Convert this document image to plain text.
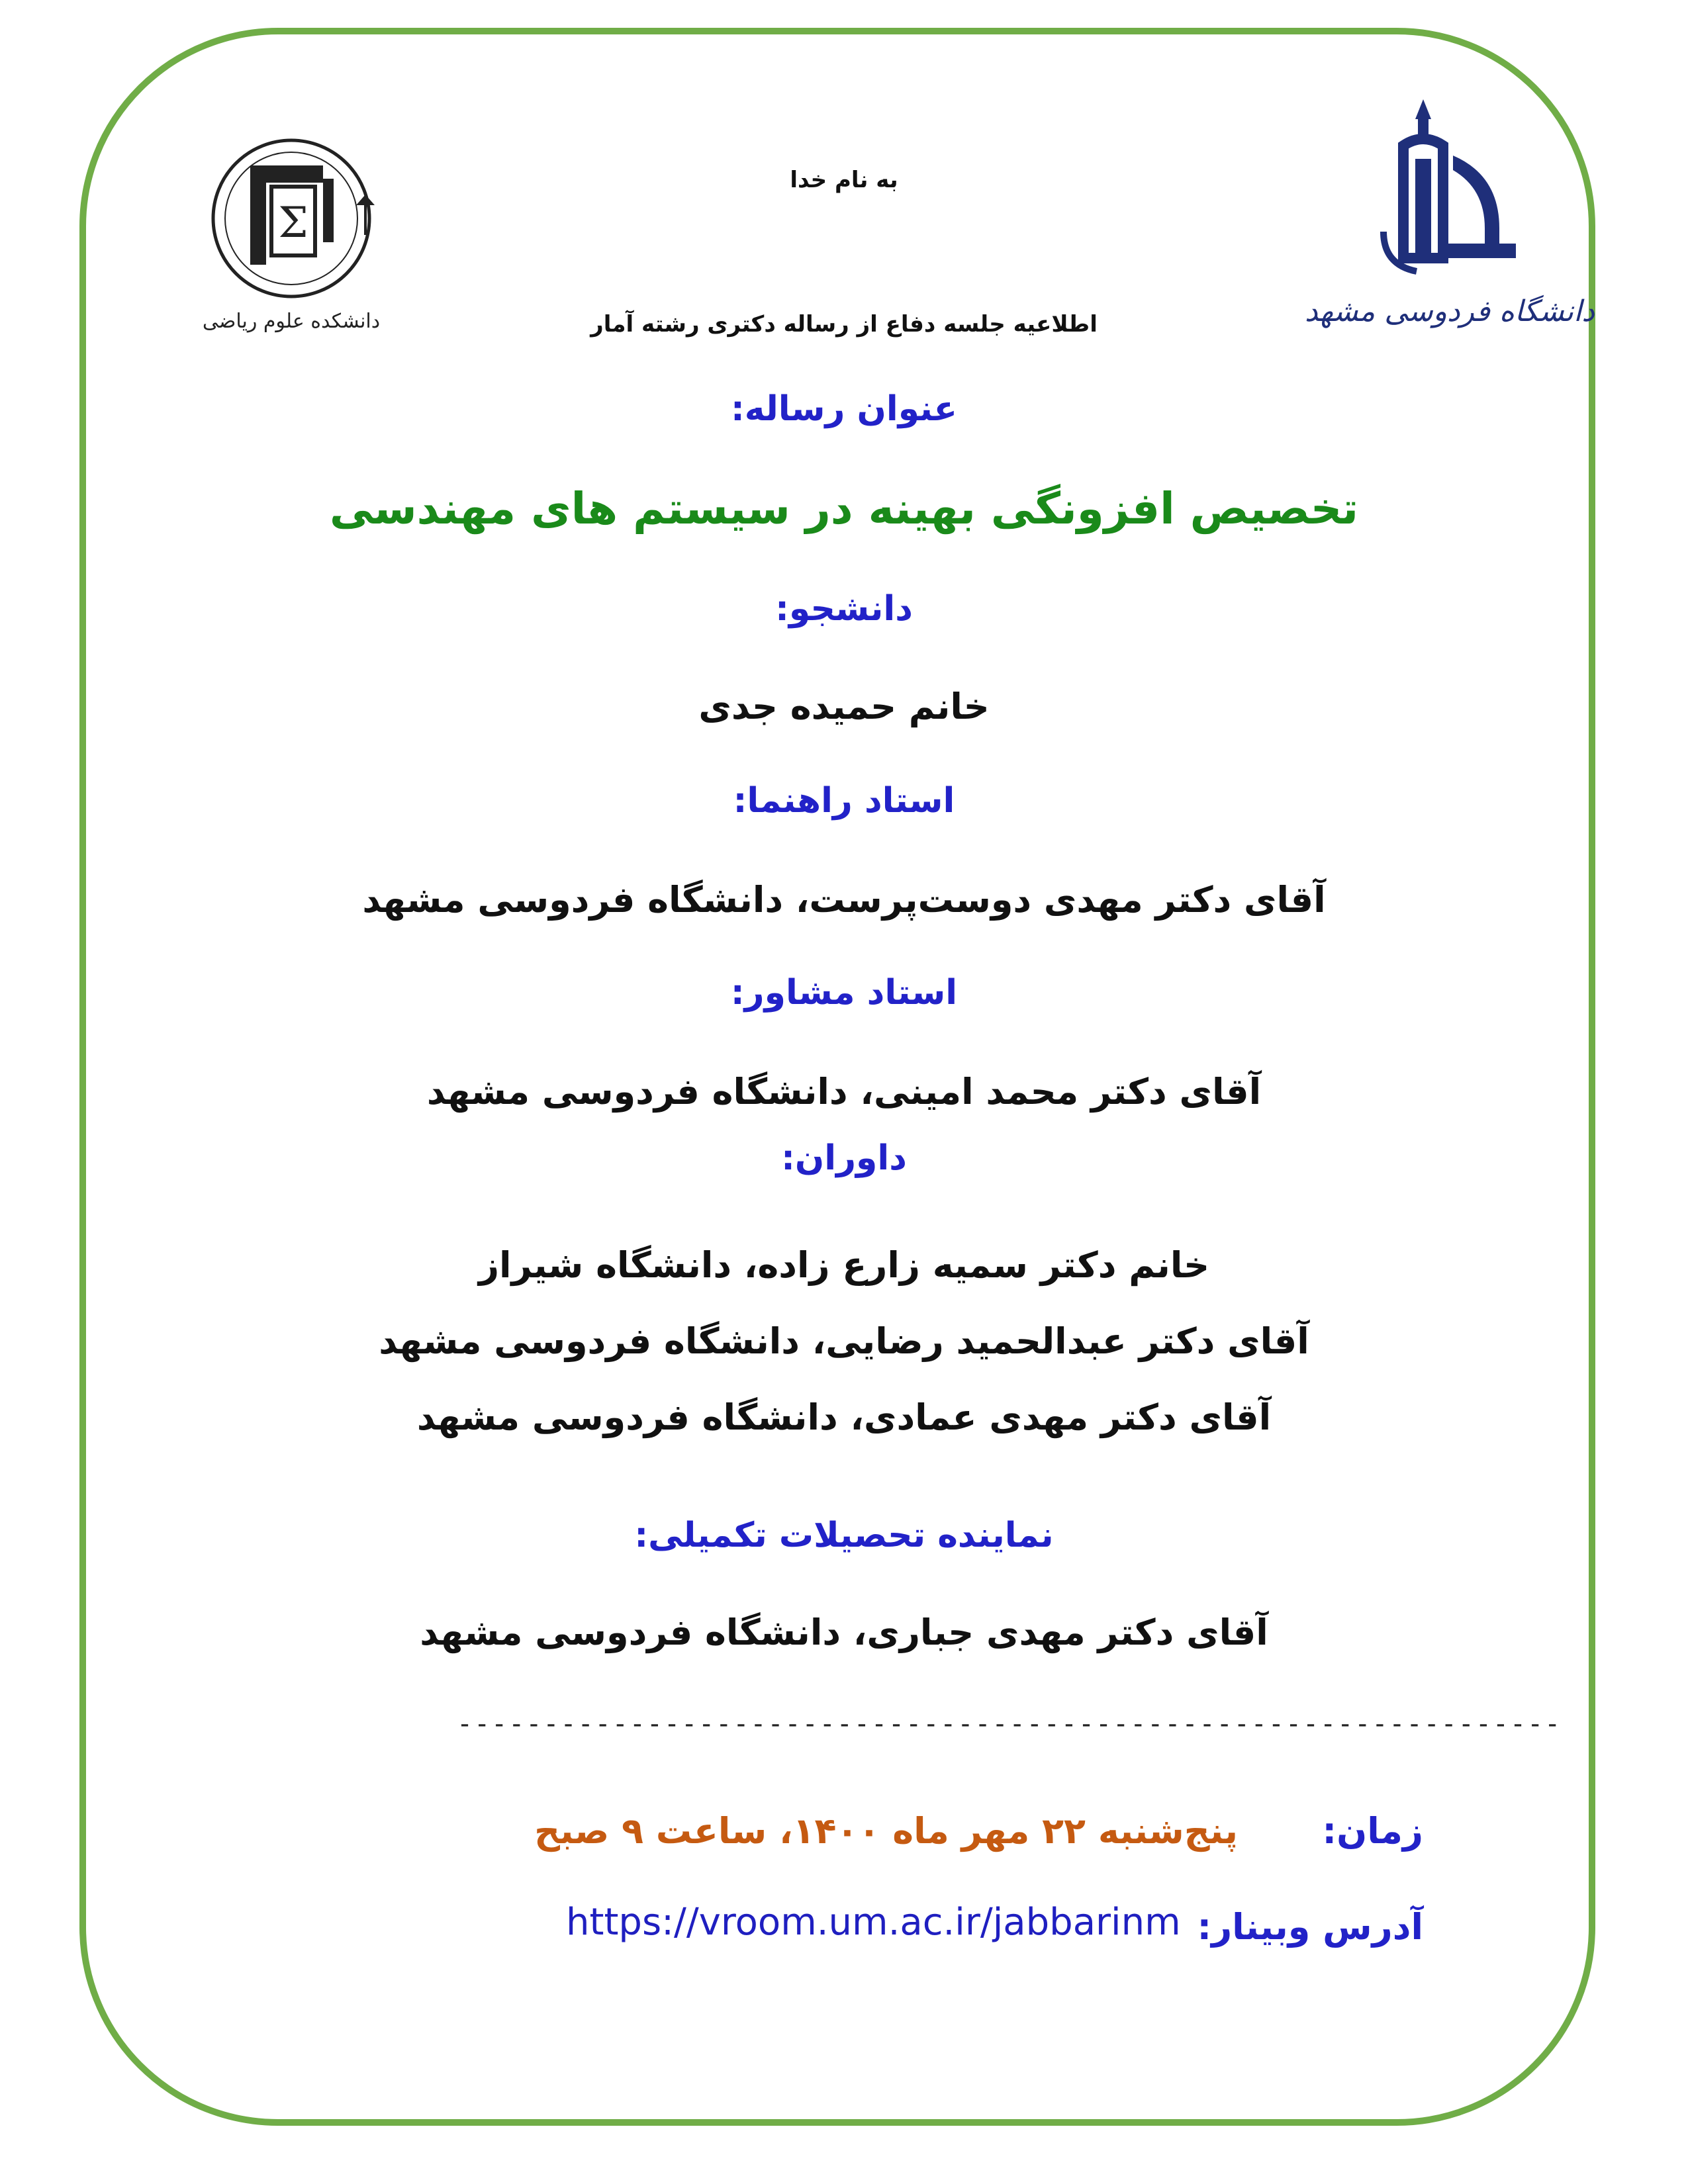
Σ
دانشکده علوم ریاضی	دانشگاه فردوسی مشهد
به نام خدا
اطلاعیه جلسه دفاع از رساله دکتری رشته آمار
عنوان رساله:
تخصیص افزونگی بهینه در سیستم های مهندسی
دانشجو:
خانم حمیده جدی
استاد راهنما:
آقای دکتر مهدی دوست‌پرست، دانشگاه فردوسی مشهد
استاد مشاور:
آقای دکتر محمد امینی، دانشگاه فردوسی مشهد
داوران:
خانم دکتر سمیه زارع زاده، دانشگاه شیراز
آقای دکتر عبدالحمید رضایی، دانشگاه فردوسی مشهد
آقای دکتر مهدی عمادی، دانشگاه فردوسی مشهد
نماینده تحصیلات تکمیلی:
آقای دکتر مهدی جباری، دانشگاه فردوسی مشهد
----------------------------------------------------------------
زمان:
پنج‌شنبه ۲۲ مهر ماه ۱۴۰۰، ساعت ۹ صبح
آدرس وبینار:
https://vroom.um.ac.ir/jabbarinm
